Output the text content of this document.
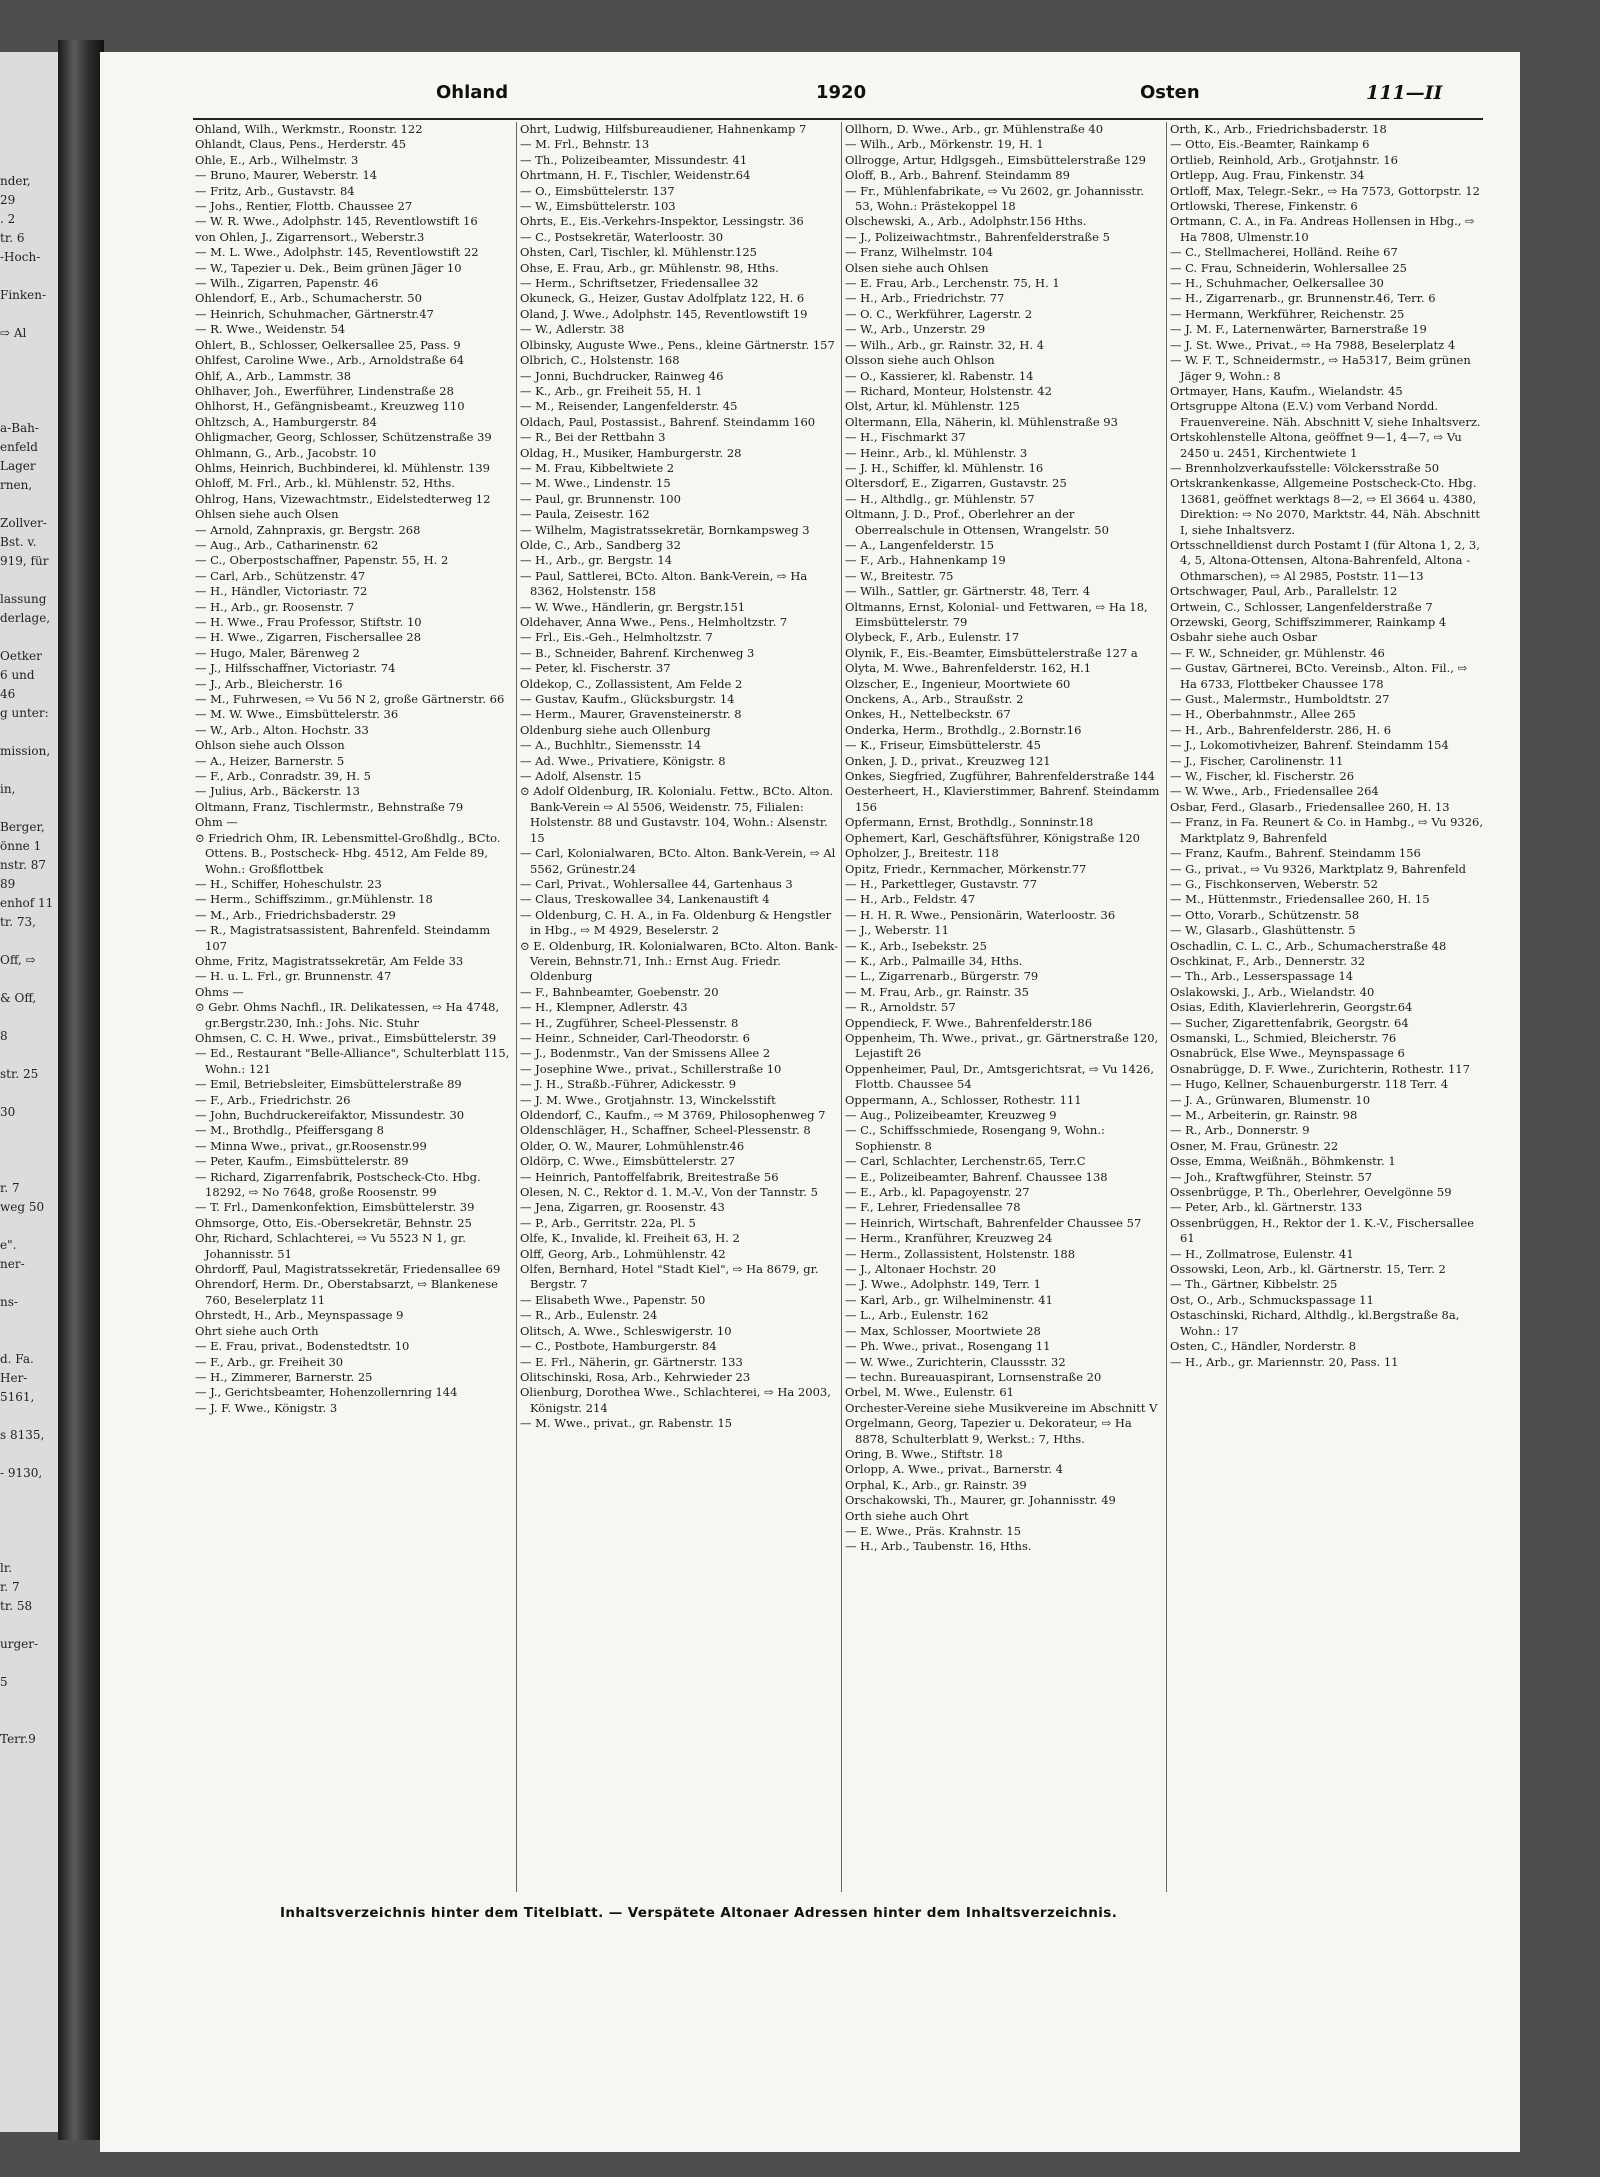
nder,
29
. 2
tr. 6
-Hoch-

Finken-

⇨ Al

a-Bah-
enfeld
Lager
rnen,

Zollver-
Bst. v.
919, für

lassung
derlage,

Oetker
6 und
46
g unter:

mission,

in,

Berger,
önne 1
nstr. 87
89
enhof 11
tr. 73,

Off, ⇨

& Off,

8

str. 25

30

r. 7
weg 50

e".
ner-

ns-

d. Fa.
Her-
5161,

s 8135,

- 9130,

lr.
r. 7
tr. 58

urger-

5

Terr.9
Ohland	1920	Osten	111—II

Ohland, Wilh., Werkmstr., Roonstr. 122

Ohlandt, Claus, Pens., Herderstr. 45

Ohle, E., Arb., Wilhelmstr. 3

— Bruno, Maurer, Weberstr. 14

— Fritz, Arb., Gustavstr. 84

— Johs., Rentier, Flottb. Chaussee 27

— W. R. Wwe., Adolphstr. 145, Reventlowstift 16

von Ohlen, J., Zigarrensort., Weberstr.3

— M. L. Wwe., Adolphstr. 145, Reventlowstift 22

— W., Tapezier u. Dek., Beim grünen Jäger 10

— Wilh., Zigarren, Papenstr. 46

Ohlendorf, E., Arb., Schumacherstr. 50

— Heinrich, Schuhmacher, Gärtnerstr.47

— R. Wwe., Weidenstr. 54

Ohlert, B., Schlosser, Oelkersallee 25, Pass. 9

Ohlfest, Caroline Wwe., Arb., Arnoldstraße 64

Ohlf, A., Arb., Lammstr. 38

Ohlhaver, Joh., Ewerführer, Lindenstraße 28

Ohlhorst, H., Gefängnisbeamt., Kreuzweg 110

Ohltzsch, A., Hamburgerstr. 84

Ohligmacher, Georg, Schlosser, Schützenstraße 39

Ohlmann, G., Arb., Jacobstr. 10

Ohlms, Heinrich, Buchbinderei, kl. Mühlenstr. 139

Ohloff, M. Frl., Arb., kl. Mühlenstr. 52, Hths.

Ohlrog, Hans, Vizewachtmstr., Eidelstedterweg 12

Ohlsen siehe auch Olsen

— Arnold, Zahnpraxis, gr. Bergstr. 268

— Aug., Arb., Catharinenstr. 62

— C., Oberpostschaffner, Papenstr. 55, H. 2

— Carl, Arb., Schützenstr. 47

— H., Händler, Victoriastr. 72

— H., Arb., gr. Roosenstr. 7

— H. Wwe., Frau Professor, Stiftstr. 10

— H. Wwe., Zigarren, Fischersallee 28

— Hugo, Maler, Bärenweg 2

— J., Hilfsschaffner, Victoriastr. 74

— J., Arb., Bleicherstr. 16

— M., Fuhrwesen, ⇨ Vu 56 N 2, große Gärtnerstr. 66

— M. W. Wwe., Eimsbüttelerstr. 36

— W., Arb., Alton. Hochstr. 33

Ohlson siehe auch Olsson

— A., Heizer, Barnerstr. 5

— F., Arb., Conradstr. 39, H. 5

— Julius, Arb., Bäckerstr. 13

Oltmann, Franz, Tischlermstr., Behnstraße 79

Ohm —

⊙ Friedrich Ohm, IR. Lebensmittel-Großhdlg., BCto. Ottens. B., Postscheck- Hbg. 4512, Am Felde 89, Wohn.: Großflottbek

— H., Schiffer, Hoheschulstr. 23

— Herm., Schiffszimm., gr.Mühlenstr. 18

— M., Arb., Friedrichsbaderstr. 29

— R., Magistratsassistent, Bahrenfeld. Steindamm 107

Ohme, Fritz, Magistratssekretär, Am Felde 33

— H. u. L. Frl., gr. Brunnenstr. 47

Ohms —

⊙ Gebr. Ohms Nachfl., IR. Delikatessen, ⇨ Ha 4748, gr.Bergstr.230, Inh.: Johs. Nic. Stuhr

Ohmsen, C. C. H. Wwe., privat., Eimsbüttelerstr. 39

— Ed., Restaurant "Belle-Alliance", Schulterblatt 115, Wohn.: 121

— Emil, Betriebsleiter, Eimsbüttelerstraße 89

— F., Arb., Friedrichstr. 26

— John, Buchdruckereifaktor, Missundestr. 30

— M., Brothdlg., Pfeiffersgang 8

— Minna Wwe., privat., gr.Roosenstr.99

— Peter, Kaufm., Eimsbüttelerstr. 89

— Richard, Zigarrenfabrik, Postscheck-Cto. Hbg. 18292, ⇨ No 7648, große Roosenstr. 99

— T. Frl., Damenkonfektion, Eimsbüttelerstr. 39

Ohmsorge, Otto, Eis.-Obersekretär, Behnstr. 25

Ohr, Richard, Schlachterei, ⇨ Vu 5523 N 1, gr. Johannisstr. 51

Ohrdorff, Paul, Magistratssekretär, Friedensallee 69

Ohrendorf, Herm. Dr., Oberstabsarzt, ⇨ Blankenese 760, Beselerplatz 11

Ohrstedt, H., Arb., Meynspassage 9

Ohrt siehe auch Orth

— E. Frau, privat., Bodenstedtstr. 10

— F., Arb., gr. Freiheit 30

— H., Zimmerer, Barnerstr. 25

— J., Gerichtsbeamter, Hohenzollernring 144

— J. F. Wwe., Königstr. 3

Ohrt, Ludwig, Hilfsbureaudiener, Hahnenkamp 7

— M. Frl., Behnstr. 13

— Th., Polizeibeamter, Missundestr. 41

Ohrtmann, H. F., Tischler, Weidenstr.64

— O., Eimsbüttelerstr. 137

— W., Eimsbüttelerstr. 103

Ohrts, E., Eis.-Verkehrs-Inspektor, Lessingstr. 36

— C., Postsekretär, Waterloostr. 30

Ohsten, Carl, Tischler, kl. Mühlenstr.125

Ohse, E. Frau, Arb., gr. Mühlenstr. 98, Hths.

— Herm., Schriftsetzer, Friedensallee 32

Okuneck, G., Heizer, Gustav Adolfplatz 122, H. 6

Oland, J. Wwe., Adolphstr. 145, Reventlowstift 19

— W., Adlerstr. 38

Olbinsky, Auguste Wwe., Pens., kleine Gärtnerstr. 157

Olbrich, C., Holstenstr. 168

— Jonni, Buchdrucker, Rainweg 46

— K., Arb., gr. Freiheit 55, H. 1

— M., Reisender, Langenfelderstr. 45

Oldach, Paul, Postassist., Bahrenf. Steindamm 160

— R., Bei der Rettbahn 3

Oldag, H., Musiker, Hamburgerstr. 28

— M. Frau, Kibbeltwiete 2

— M. Wwe., Lindenstr. 15

— Paul, gr. Brunnenstr. 100

— Paula, Zeisestr. 162

— Wilhelm, Magistratssekretär, Bornkampsweg 3

Olde, C., Arb., Sandberg 32

— H., Arb., gr. Bergstr. 14

— Paul, Sattlerei, BCto. Alton. Bank-Verein, ⇨ Ha 8362, Holstenstr. 158

— W. Wwe., Händlerin, gr. Bergstr.151

Oldehaver, Anna Wwe., Pens., Helmholtzstr. 7

— Frl., Eis.-Geh., Helmholtzstr. 7

— B., Schneider, Bahrenf. Kirchenweg 3

— Peter, kl. Fischerstr. 37

Oldekop, C., Zollassistent, Am Felde 2

— Gustav, Kaufm., Glücksburgstr. 14

— Herm., Maurer, Gravensteinerstr. 8

Oldenburg siehe auch Ollenburg

— A., Buchhltr., Siemensstr. 14

— Ad. Wwe., Privatiere, Königstr. 8

— Adolf, Alsenstr. 15

⊙ Adolf Oldenburg, IR. Kolonialu. Fettw., BCto. Alton. Bank-Verein ⇨ Al 5506, Weidenstr. 75, Filialen: Holstenstr. 88 und Gustavstr. 104, Wohn.: Alsenstr. 15

— Carl, Kolonialwaren, BCto. Alton. Bank-Verein, ⇨ Al 5562, Grünestr.24

— Carl, Privat., Wohlersallee 44, Gartenhaus 3

— Claus, Treskowallee 34, Lankenaustift 4

— Oldenburg, C. H. A., in Fa. Oldenburg & Hengstler in Hbg., ⇨ M 4929, Beselerstr. 2

⊙ E. Oldenburg, IR. Kolonialwaren, BCto. Alton. Bank-Verein, Behnstr.71, Inh.: Ernst Aug. Friedr. Oldenburg

— F., Bahnbeamter, Goebenstr. 20

— H., Klempner, Adlerstr. 43

— H., Zugführer, Scheel-Plessenstr. 8

— Heinr., Schneider, Carl-Theodorstr. 6

— J., Bodenmstr., Van der Smissens Allee 2

— Josephine Wwe., privat., Schillerstraße 10

— J. H., Straßb.-Führer, Adickesstr. 9

— J. M. Wwe., Grotjahnstr. 13, Winckelsstift

Oldendorf, C., Kaufm., ⇨ M 3769, Philosophenweg 7

Oldenschläger, H., Schaffner, Scheel-Plessenstr. 8

Older, O. W., Maurer, Lohmühlenstr.46

Oldörp, C. Wwe., Eimsbüttelerstr. 27

— Heinrich, Pantoffelfabrik, Breitestraße 56

Olesen, N. C., Rektor d. 1. M.-V., Von der Tannstr. 5

— Jena, Zigarren, gr. Roosenstr. 43

— P., Arb., Gerritstr. 22a, Pl. 5

Olfe, K., Invalide, kl. Freiheit 63, H. 2

Olff, Georg, Arb., Lohmühlenstr. 42

Olfen, Bernhard, Hotel "Stadt Kiel", ⇨ Ha 8679, gr. Bergstr. 7

— Elisabeth Wwe., Papenstr. 50

— R., Arb., Eulenstr. 24

Olitsch, A. Wwe., Schleswigerstr. 10

— C., Postbote, Hamburgerstr. 84

— E. Frl., Näherin, gr. Gärtnerstr. 133

Olitschinski, Rosa, Arb., Kehrwieder 23

Olienburg, Dorothea Wwe., Schlachterei, ⇨ Ha 2003, Königstr. 214

— M. Wwe., privat., gr. Rabenstr. 15

Ollhorn, D. Wwe., Arb., gr. Mühlenstraße 40

— Wilh., Arb., Mörkenstr. 19, H. 1

Ollrogge, Artur, Hdlgsgeh., Eimsbüttelerstraße 129

Oloff, B., Arb., Bahrenf. Steindamm 89

— Fr., Mühlenfabrikate, ⇨ Vu 2602, gr. Johannisstr. 53, Wohn.: Prästekoppel 18

Olschewski, A., Arb., Adolphstr.156 Hths.

— J., Polizeiwachtmstr., Bahrenfelderstraße 5

— Franz, Wilhelmstr. 104

Olsen siehe auch Ohlsen

— E. Frau, Arb., Lerchenstr. 75, H. 1

— H., Arb., Friedrichstr. 77

— O. C., Werkführer, Lagerstr. 2

— W., Arb., Unzerstr. 29

— Wilh., Arb., gr. Rainstr. 32, H. 4

Olsson siehe auch Ohlson

— O., Kassierer, kl. Rabenstr. 14

— Richard, Monteur, Holstenstr. 42

Olst, Artur, kl. Mühlenstr. 125

Oltermann, Ella, Näherin, kl. Mühlenstraße 93

— H., Fischmarkt 37

— Heinr., Arb., kl. Mühlenstr. 3

— J. H., Schiffer, kl. Mühlenstr. 16

Oltersdorf, E., Zigarren, Gustavstr. 25

— H., Althdlg., gr. Mühlenstr. 57

Oltmann, J. D., Prof., Oberlehrer an der Oberrealschule in Ottensen, Wrangelstr. 50

— A., Langenfelderstr. 15

— F., Arb., Hahnenkamp 19

— W., Breitestr. 75

— Wilh., Sattler, gr. Gärtnerstr. 48, Terr. 4

Oltmanns, Ernst, Kolonial- und Fettwaren, ⇨ Ha 18, Eimsbüttelerstr. 79

Olybeck, F., Arb., Eulenstr. 17

Olynik, F., Eis.-Beamter, Eimsbüttelerstraße 127 a

Olyta, M. Wwe., Bahrenfelderstr. 162, H.1

Olzscher, E., Ingenieur, Moortwiete 60

Onckens, A., Arb., Straußstr. 2

Onkes, H., Nettelbeckstr. 67

Onderka, Herm., Brothdlg., 2.Bornstr.16

— K., Friseur, Eimsbüttelerstr. 45

Onken, J. D., privat., Kreuzweg 121

Onkes, Siegfried, Zugführer, Bahrenfelderstraße 144

Oesterheert, H., Klavierstimmer, Bahrenf. Steindamm 156

Opfermann, Ernst, Brothdlg., Sonninstr.18

Ophemert, Karl, Geschäftsführer, Königstraße 120

Opholzer, J., Breitestr. 118

Opitz, Friedr., Kernmacher, Mörkenstr.77

— H., Parkettleger, Gustavstr. 77

— H., Arb., Feldstr. 47

— H. H. R. Wwe., Pensionärin, Waterloostr. 36

— J., Weberstr. 11

— K., Arb., Isebekstr. 25

— K., Arb., Palmaille 34, Hths.

— L., Zigarrenarb., Bürgerstr. 79

— M. Frau, Arb., gr. Rainstr. 35

— R., Arnoldstr. 57

Oppendieck, F. Wwe., Bahrenfelderstr.186

Oppenheim, Th. Wwe., privat., gr. Gärtnerstraße 120, Lejastift 26

Oppenheimer, Paul, Dr., Amtsgerichtsrat, ⇨ Vu 1426, Flottb. Chaussee 54

Oppermann, A., Schlosser, Rothestr. 111

— Aug., Polizeibeamter, Kreuzweg 9

— C., Schiffsschmiede, Rosengang 9, Wohn.: Sophienstr. 8

— Carl, Schlachter, Lerchenstr.65, Terr.C

— E., Polizeibeamter, Bahrenf. Chaussee 138

— E., Arb., kl. Papagoyenstr. 27

— F., Lehrer, Friedensallee 78

— Heinrich, Wirtschaft, Bahrenfelder Chaussee 57

— Herm., Kranführer, Kreuzweg 24

— Herm., Zollassistent, Holstenstr. 188

— J., Altonaer Hochstr. 20

— J. Wwe., Adolphstr. 149, Terr. 1

— Karl, Arb., gr. Wilhelminenstr. 41

— L., Arb., Eulenstr. 162

— Max, Schlosser, Moortwiete 28

— Ph. Wwe., privat., Rosengang 11

— W. Wwe., Zurichterin, Claussstr. 32

— techn. Bureauaspirant, Lornsenstraße 20

Orbel, M. Wwe., Eulenstr. 61

Orchester-Vereine siehe Musikvereine im Abschnitt V

Orgelmann, Georg, Tapezier u. Dekorateur, ⇨ Ha 8878, Schulterblatt 9, Werkst.: 7, Hths.

Oring, B. Wwe., Stiftstr. 18

Orlopp, A. Wwe., privat., Barnerstr. 4

Orphal, K., Arb., gr. Rainstr. 39

Orschakowski, Th., Maurer, gr. Johannisstr. 49

Orth siehe auch Ohrt

— E. Wwe., Präs. Krahnstr. 15

— H., Arb., Taubenstr. 16, Hths.

Orth, K., Arb., Friedrichsbaderstr. 18

— Otto, Eis.-Beamter, Rainkamp 6

Ortlieb, Reinhold, Arb., Grotjahnstr. 16

Ortlepp, Aug. Frau, Finkenstr. 34

Ortloff, Max, Telegr.-Sekr., ⇨ Ha 7573, Gottorpstr. 12

Ortlowski, Therese, Finkenstr. 6

Ortmann, C. A., in Fa. Andreas Hollensen in Hbg., ⇨ Ha 7808, Ulmenstr.10

— C., Stellmacherei, Holländ. Reihe 67

— C. Frau, Schneiderin, Wohlersallee 25

— H., Schuhmacher, Oelkersallee 30

— H., Zigarrenarb., gr. Brunnenstr.46, Terr. 6

— Hermann, Werkführer, Reichenstr. 25

— J. M. F., Laternenwärter, Barnerstraße 19

— J. St. Wwe., Privat., ⇨ Ha 7988, Beselerplatz 4

— W. F. T., Schneidermstr., ⇨ Ha5317, Beim grünen Jäger 9, Wohn.: 8

Ortmayer, Hans, Kaufm., Wielandstr. 45

Ortsgruppe Altona (E.V.) vom Verband Nordd. Frauenvereine. Näh. Abschnitt V, siehe Inhaltsverz.

Ortskohlenstelle Altona, geöffnet 9—1, 4—7, ⇨ Vu 2450 u. 2451, Kirchentwiete 1

— Brennholzverkaufsstelle: Völckersstraße 50

Ortskrankenkasse, Allgemeine Postscheck-Cto. Hbg. 13681, geöffnet werktags 8—2, ⇨ El 3664 u. 4380, Direktion: ⇨ No 2070, Marktstr. 44, Näh. Abschnitt I, siehe Inhaltsverz.

Ortsschnelldienst durch Postamt I (für Altona 1, 2, 3, 4, 5, Altona-Ottensen, Altona-Bahrenfeld, Altona - Othmarschen), ⇨ Al 2985, Poststr. 11—13

Ortschwager, Paul, Arb., Parallelstr. 12

Ortwein, C., Schlosser, Langenfelderstraße 7

Orzewski, Georg, Schiffszimmerer, Rainkamp 4

Osbahr siehe auch Osbar

— F. W., Schneider, gr. Mühlenstr. 46

— Gustav, Gärtnerei, BCto. Vereinsb., Alton. Fil., ⇨ Ha 6733, Flottbeker Chaussee 178

— Gust., Malermstr., Humboldtstr. 27

— H., Oberbahnmstr., Allee 265

— H., Arb., Bahrenfelderstr. 286, H. 6

— J., Lokomotivheizer, Bahrenf. Steindamm 154

— J., Fischer, Carolinenstr. 11

— W., Fischer, kl. Fischerstr. 26

— W. Wwe., Arb., Friedensallee 264

Osbar, Ferd., Glasarb., Friedensallee 260, H. 13

— Franz, in Fa. Reunert & Co. in Hambg., ⇨ Vu 9326, Marktplatz 9, Bahrenfeld

— Franz, Kaufm., Bahrenf. Steindamm 156

— G., privat., ⇨ Vu 9326, Marktplatz 9, Bahrenfeld

— G., Fischkonserven, Weberstr. 52

— M., Hüttenmstr., Friedensallee 260, H. 15

— Otto, Vorarb., Schützenstr. 58

— W., Glasarb., Glashüttenstr. 5

Oschadlin, C. L. C., Arb., Schumacherstraße 48

Oschkinat, F., Arb., Dennerstr. 32

— Th., Arb., Lesserspassage 14

Oslakowski, J., Arb., Wielandstr. 40

Osias, Edith, Klavierlehrerin, Georgstr.64

— Sucher, Zigarettenfabrik, Georgstr. 64

Osmanski, L., Schmied, Bleicherstr. 76

Osnabrück, Else Wwe., Meynspassage 6

Osnabrügge, D. F. Wwe., Zurichterin, Rothestr. 117

— Hugo, Kellner, Schauenburgerstr. 118 Terr. 4

— J. A., Grünwaren, Blumenstr. 10

— M., Arbeiterin, gr. Rainstr. 98

— R., Arb., Donnerstr. 9

Osner, M. Frau, Grünestr. 22

Osse, Emma, Weißnäh., Böhmkenstr. 1

— Joh., Kraftwgführer, Steinstr. 57

Ossenbrügge, P. Th., Oberlehrer, Oevelgönne 59

— Peter, Arb., kl. Gärtnerstr. 133

Ossenbrüggen, H., Rektor der 1. K.-V., Fischersallee 61

— H., Zollmatrose, Eulenstr. 41

Ossowski, Leon, Arb., kl. Gärtnerstr. 15, Terr. 2

— Th., Gärtner, Kibbelstr. 25

Ost, O., Arb., Schmuckspassage 11

Ostaschinski, Richard, Althdlg., kl.Bergstraße 8a, Wohn.: 17

Osten, C., Händler, Norderstr. 8

— H., Arb., gr. Mariennstr. 20, Pass. 11

Inhaltsverzeichnis hinter dem Titelblatt. — Verspätete Altonaer Adressen hinter dem Inhaltsverzeichnis.
